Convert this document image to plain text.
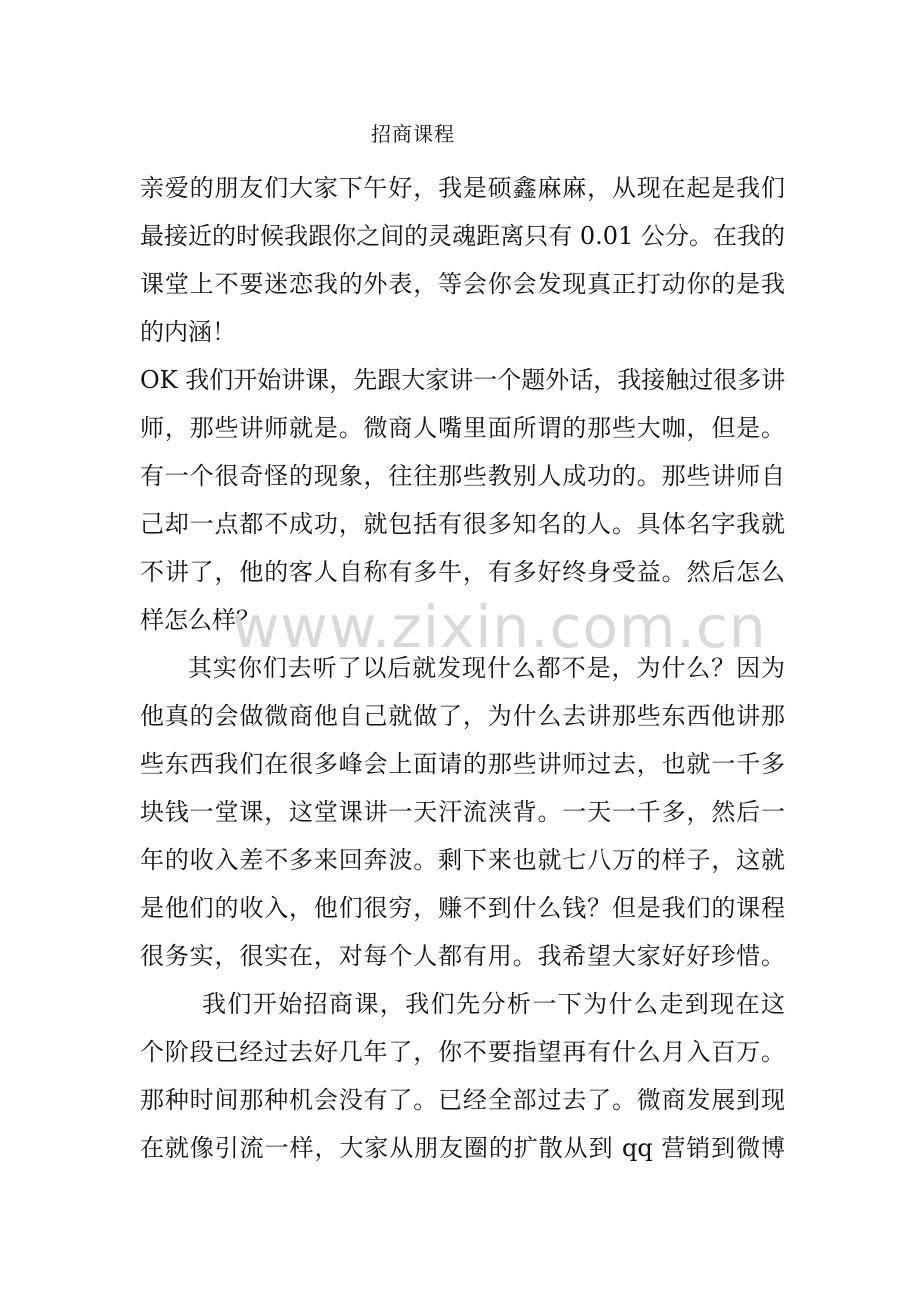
招商课程
亲爱的朋友们大家下午好，我是硕鑫麻麻，从现在起是我们
最接近的时候我跟你之间的灵魂距离只有 0.01 公分。在我的
课堂上不要迷恋我的外表，等会你会发现真正打动你的是我
的内涵！
OK 我们开始讲课，先跟大家讲一个题外话，我接触过很多讲
师，那些讲师就是。微商人嘴里面所谓的那些大咖，但是。
有一个很奇怪的现象，往往那些教别人成功的。那些讲师自
己却一点都不成功，就包括有很多知名的人。具体名字我就
不讲了，他的客人自称有多牛，有多好终身受益。然后怎么
样怎么样？
其实你们去听了以后就发现什么都不是，为什么？因为
他真的会做微商他自己就做了，为什么去讲那些东西他讲那
些东西我们在很多峰会上面请的那些讲师过去，也就一千多
块钱一堂课，这堂课讲一天汗流浃背。一天一千多，然后一
年的收入差不多来回奔波。剩下来也就七八万的样子，这就
是他们的收入，他们很穷，赚不到什么钱？但是我们的课程
很务实，很实在，对每个人都有用。我希望大家好好珍惜。
我们开始招商课，我们先分析一下为什么走到现在这
个阶段已经过去好几年了，你不要指望再有什么月入百万。
那种时间那种机会没有了。已经全部过去了。微商发展到现
在就像引流一样，大家从朋友圈的扩散从到 qq 营销到微博
www.zixin.com.cn
